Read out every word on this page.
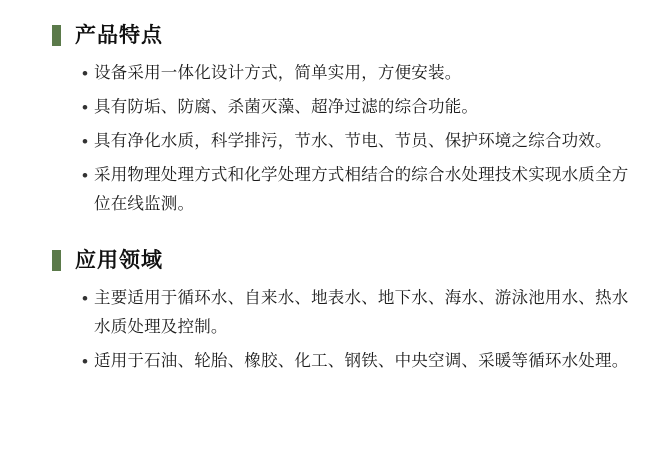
产品特点
• 设备采用一体化设计方式，简单实用，方便安装。
• 具有防垢、防腐、杀菌灭藻、超净过滤的综合功能。
• 具有净化水质，科学排污，节水、节电、节员、保护环境之综合功效。
• 采用物理处理方式和化学处理方式相结合的综合水处理技术实现水质全方位在线监测。
应用领域
• 主要适用于循环水、自来水、地表水、地下水、海水、游泳池用水、热水水质处理及控制。
• 适用于石油、轮胎、橡胶、化工、钢铁、中央空调、采暖等循环水处理。
